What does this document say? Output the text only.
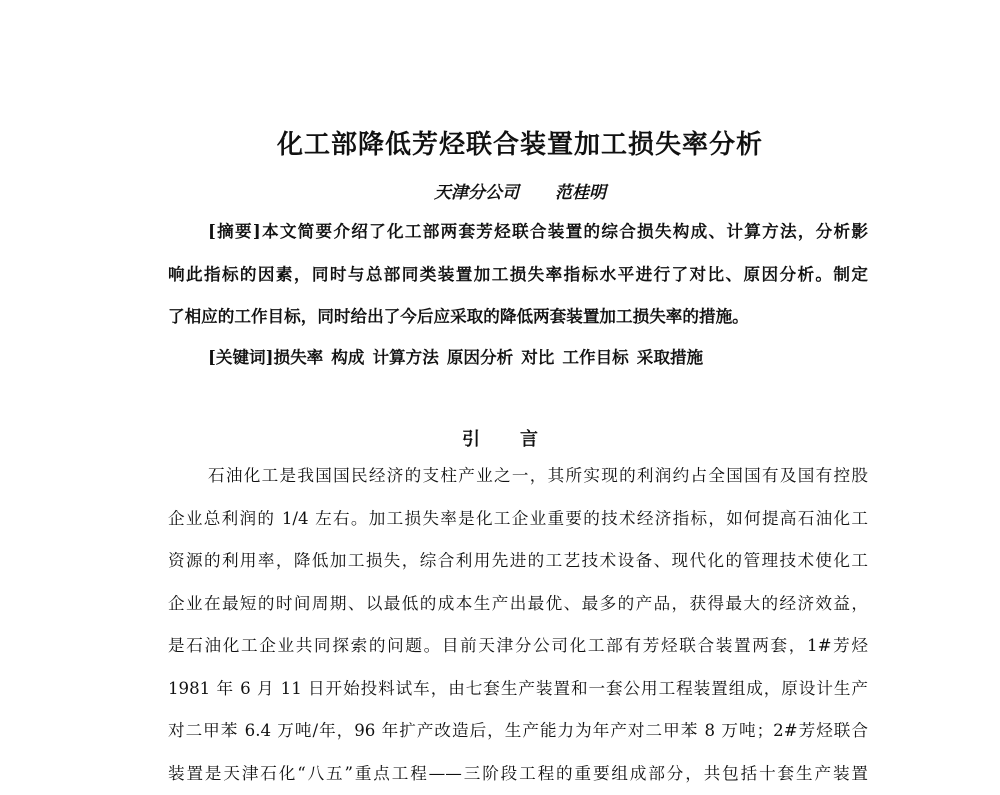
化工部降低芳烃联合装置加工损失率分析
天津分公司 范桂明

[摘要]本文简要介绍了化工部两套芳烃联合装置的综合损失构成、计算方法，分析影

响此指标的因素，同时与总部同类装置加工损失率指标水平进行了对比、原因分析。制定

了相应的工作目标，同时给出了今后应采取的降低两套装置加工损失率的措施。

[关键词]损失率 构成 计算方法 原因分析 对比 工作目标 采取措施
引言

石油化工是我国国民经济的支柱产业之一，其所实现的利润约占全国国有及国有控股

企业总利润的 1/4 左右。加工损失率是化工企业重要的技术经济指标，如何提高石油化工

资源的利用率，降低加工损失，综合利用先进的工艺技术设备、现代化的管理技术使化工

企业在最短的时间周期、以最低的成本生产出最优、最多的产品，获得最大的经济效益，

是石油化工企业共同探索的问题。目前天津分公司化工部有芳烃联合装置两套，1#芳烃

1981 年 6 月 11 日开始投料试车，由七套生产装置和一套公用工程装置组成，原设计生产

对二甲苯 6.4 万吨/年，96 年扩产改造后，生产能力为年产对二甲苯 8 万吨；2#芳烃联合

装置是天津石化“八五”重点工程——三阶段工程的重要组成部分，共包括十套生产装置
